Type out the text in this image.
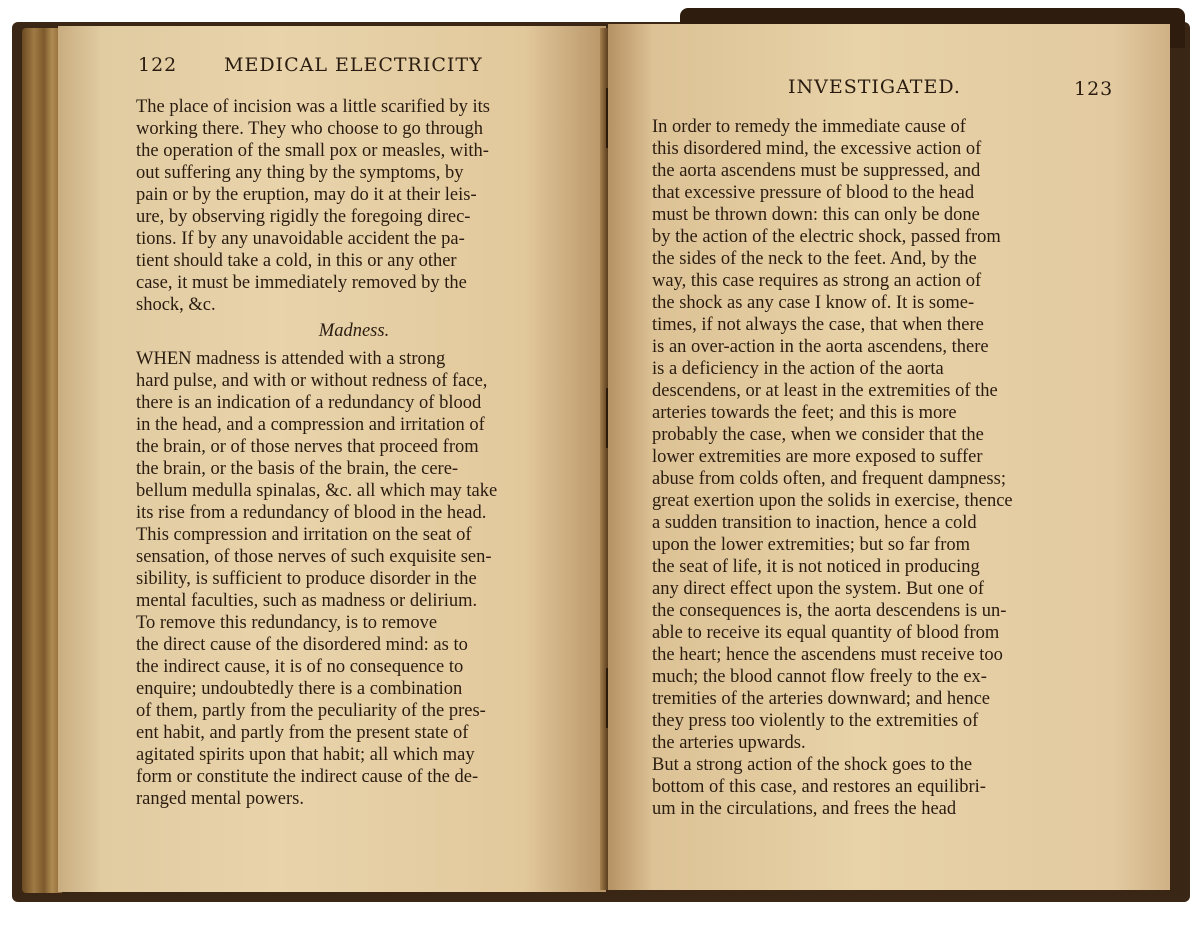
122 MEDICAL ELECTRICITY
The place of incision was a little scarified by its
working there. They who choose to go through
the operation of the small pox or measles, with-
out suffering any thing by the symptoms, by
pain or by the eruption, may do it at their leis-
ure, by observing rigidly the foregoing direc-
tions. If by any unavoidable accident the pa-
tient should take a cold, in this or any other
case, it must be immediately removed by the
shock, &c.
Madness.
WHEN madness is attended with a strong
hard pulse, and with or without redness of face,
there is an indication of a redundancy of blood
in the head, and a compression and irritation of
the brain, or of those nerves that proceed from
the brain, or the basis of the brain, the cere-
bellum medulla spinalas, &c. all which may take
its rise from a redundancy of blood in the head.
This compression and irritation on the seat of
sensation, of those nerves of such exquisite sen-
sibility, is sufficient to produce disorder in the
mental faculties, such as madness or delirium.
To remove this redundancy, is to remove
the direct cause of the disordered mind: as to
the indirect cause, it is of no consequence to
enquire; undoubtedly there is a combination
of them, partly from the peculiarity of the pres-
ent habit, and partly from the present state of
agitated spirits upon that habit; all which may
form or constitute the indirect cause of the de-
ranged mental powers.
INVESTIGATED.	123
In order to remedy the immediate cause of
this disordered mind, the excessive action of
the aorta ascendens must be suppressed, and
that excessive pressure of blood to the head
must be thrown down: this can only be done
by the action of the electric shock, passed from
the sides of the neck to the feet. And, by the
way, this case requires as strong an action of
the shock as any case I know of. It is some-
times, if not always the case, that when there
is an over-action in the aorta ascendens, there
is a deficiency in the action of the aorta
descendens, or at least in the extremities of the
arteries towards the feet; and this is more
probably the case, when we consider that the
lower extremities are more exposed to suffer
abuse from colds often, and frequent dampness;
great exertion upon the solids in exercise, thence
a sudden transition to inaction, hence a cold
upon the lower extremities; but so far from
the seat of life, it is not noticed in producing
any direct effect upon the system. But one of
the consequences is, the aorta descendens is un-
able to receive its equal quantity of blood from
the heart; hence the ascendens must receive too
much; the blood cannot flow freely to the ex-
tremities of the arteries downward; and hence
they press too violently to the extremities of
the arteries upwards.
But a strong action of the shock goes to the
bottom of this case, and restores an equilibri-
um in the circulations, and frees the head
